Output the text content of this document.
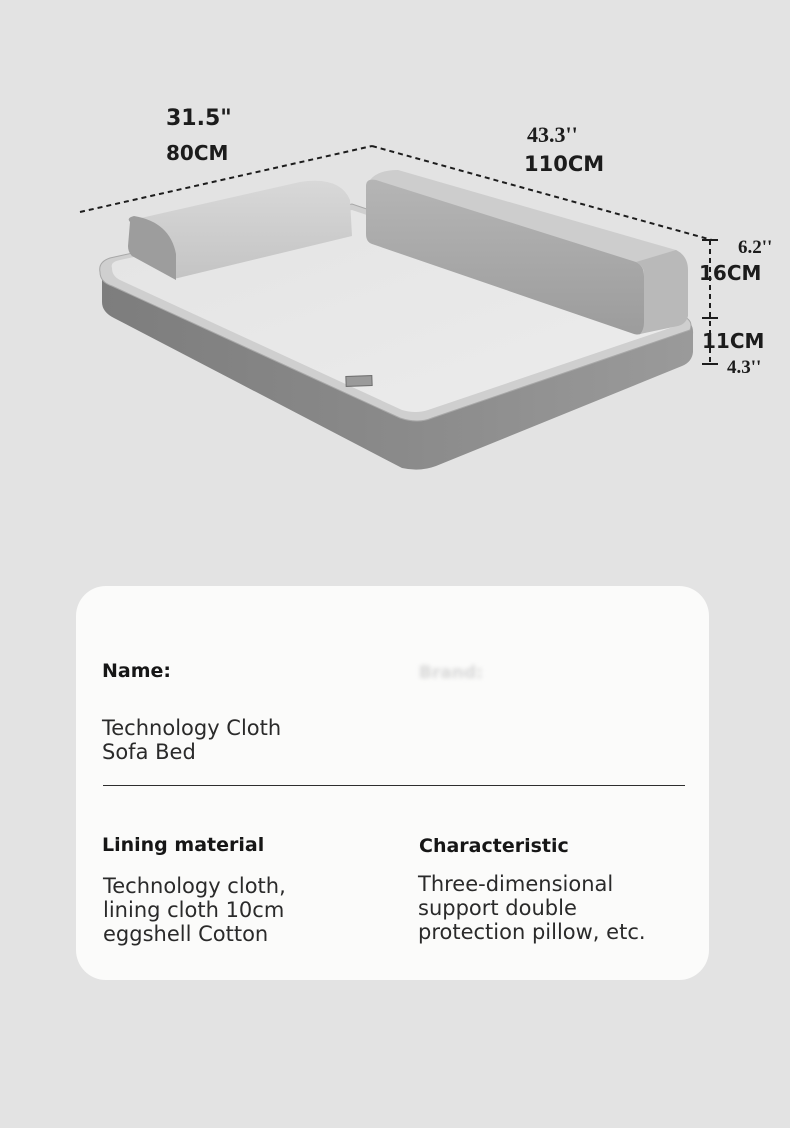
31.5"
80CM
43.3''
110CM
6.2''
16CM
11CM
4.3''
Name:	Brand:
Technology Cloth
Sofa Bed
Lining material
Technology cloth,
lining cloth 10cm
eggshell Cotton
Characteristic
Three-dimensional
support double
protection pillow, etc.
